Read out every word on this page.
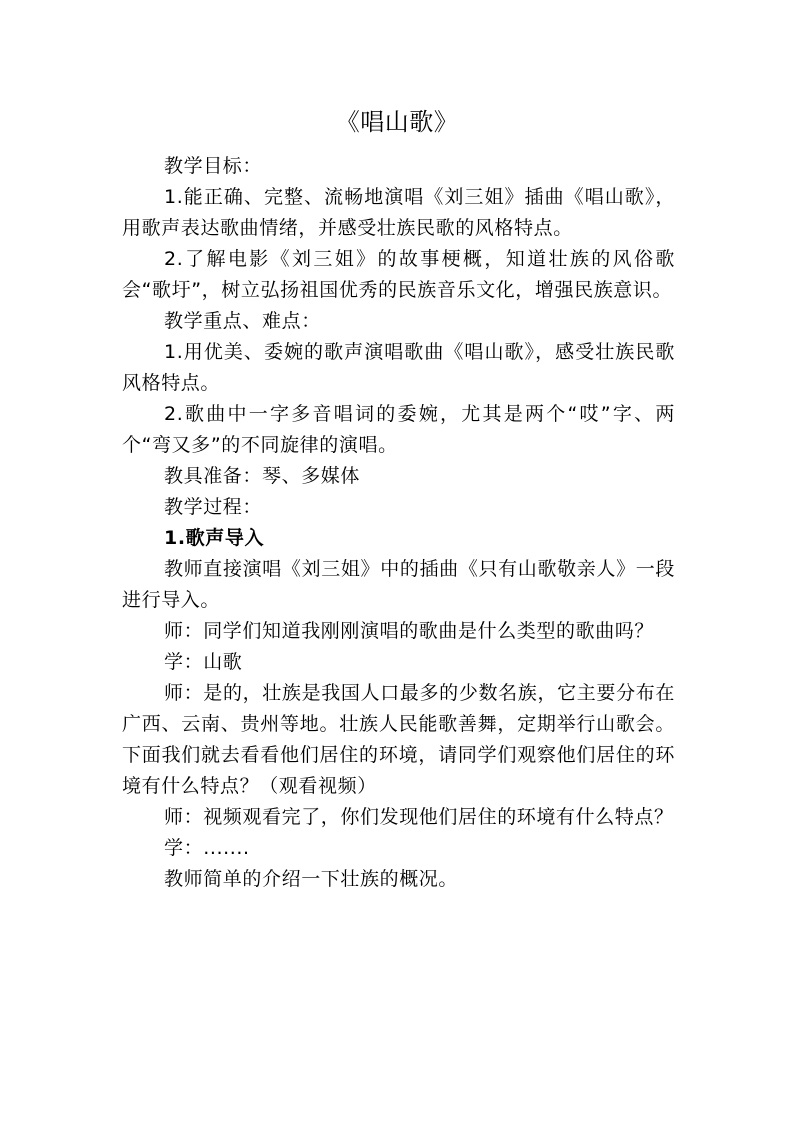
《唱山歌》

教学目标：

1.能正确、完整、流畅地演唱《刘三姐》插曲《唱山歌》，用歌声表达歌曲情绪，并感受壮族民歌的风格特点。

2.了解电影《刘三姐》的故事梗概，知道壮族的风俗歌会“歌圩”，树立弘扬祖国优秀的民族音乐文化，增强民族意识。

教学重点、难点：

1.用优美、委婉的歌声演唱歌曲《唱山歌》，感受壮族民歌风格特点。

2.歌曲中一字多音唱词的委婉，尤其是两个“哎”字、两个“弯又多”的不同旋律的演唱。

教具准备：琴、多媒体

教学过程：

1.歌声导入

教师直接演唱《刘三姐》中的插曲《只有山歌敬亲人》一段进行导入。

师：同学们知道我刚刚演唱的歌曲是什么类型的歌曲吗？

学：山歌

师：是的，壮族是我国人口最多的少数名族，它主要分布在广西、云南、贵州等地。壮族人民能歌善舞，定期举行山歌会。下面我们就去看看他们居住的环境，请同学们观察他们居住的环境有什么特点？（观看视频）

师：视频观看完了，你们发现他们居住的环境有什么特点？

学：.......

教师简单的介绍一下壮族的概况。
